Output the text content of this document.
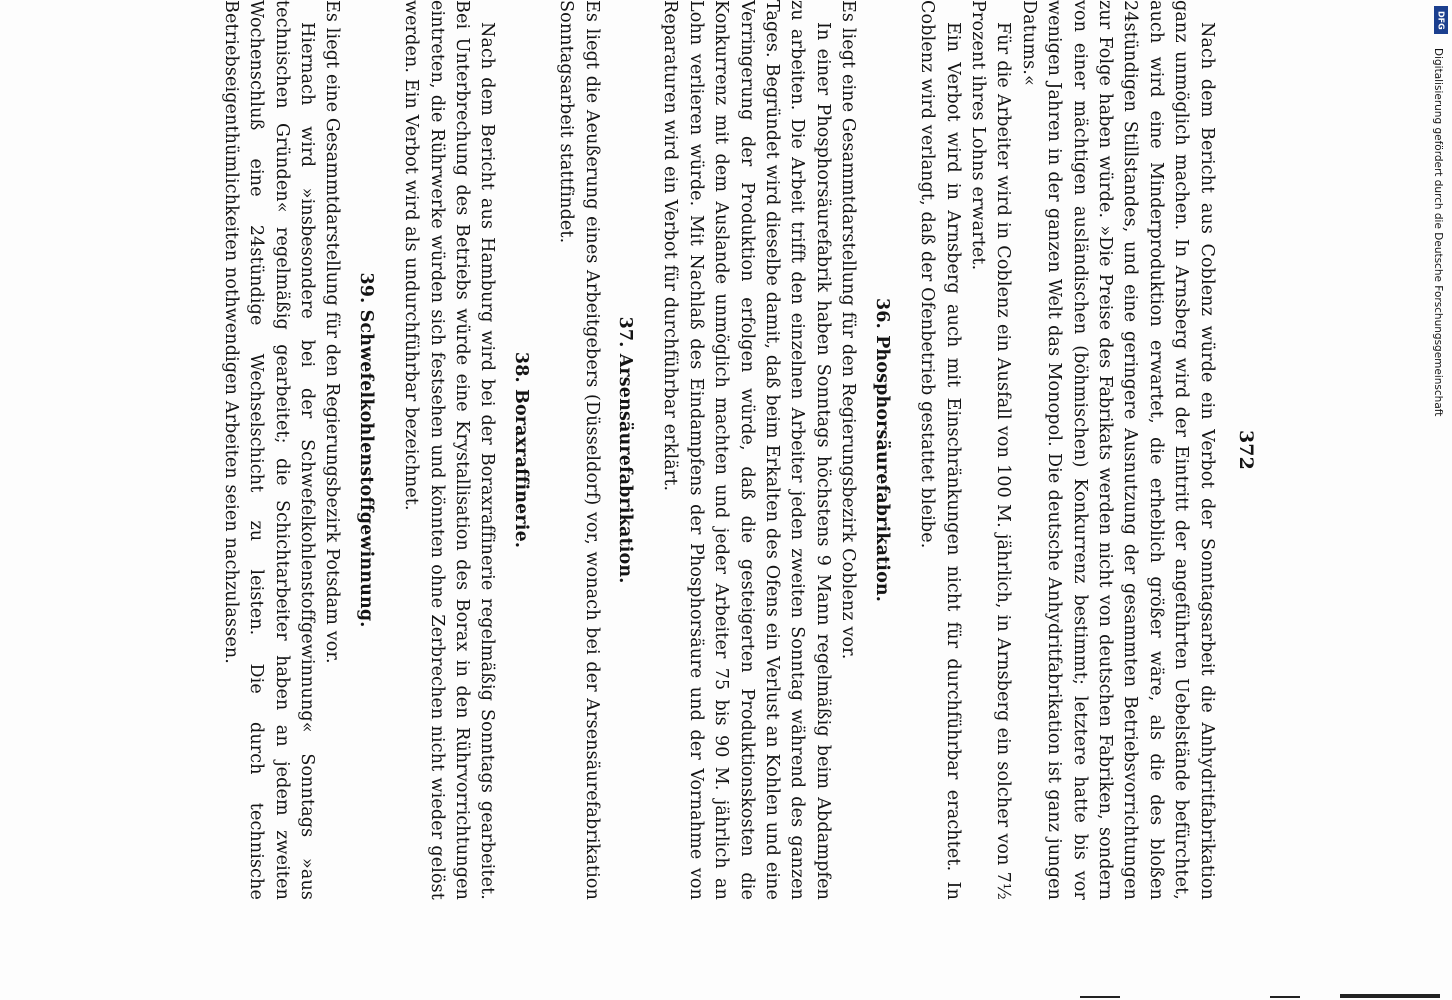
372

Nach dem Bericht aus Coblenz würde ein Verbot der Sonntagsarbeit die Anhydritfabrikation ganz unmöglich machen. In Arnsberg wird der Eintritt der angeführten Uebelstände befürchtet, auch wird eine Minderproduktion erwartet, die erheblich größer wäre, als die des bloßen 24stündigen Stillstandes, und eine geringere Ausnutzung der gesammten Betriebsvorrichtungen zur Folge haben würde. »Die Preise des Fabrikats werden nicht von deutschen Fabriken, sondern von einer mächtigen ausländischen (böhmischen) Konkurrenz bestimmt; letztere hatte bis vor wenigen Jahren in der ganzen Welt das Monopol. Die deutsche Anhydritfabrikation ist ganz jungen Datums.«

Für die Arbeiter wird in Coblenz ein Ausfall von 100 M. jährlich, in Arnsberg ein solcher von 7½ Prozent ihres Lohns erwartet.

Ein Verbot wird in Arnsberg auch mit Einschränkungen nicht für durchführbar erachtet. In Coblenz wird verlangt, daß der Ofenbetrieb gestattet bleibe.

36. Phosphorsäurefabrikation.

Es liegt eine Gesammtdarstellung für den Regierungsbezirk Coblenz vor.

In einer Phosphorsäurefabrik haben Sonntags höchstens 9 Mann regelmäßig beim Abdampfen zu arbeiten. Die Arbeit trifft den einzelnen Arbeiter jeden zweiten Sonntag während des ganzen Tages. Begründet wird dieselbe damit, daß beim Erkalten des Ofens ein Verlust an Kohlen und eine Verringerung der Produktion erfolgen würde, daß die gesteigerten Produktionskosten die Konkurrenz mit dem Auslande unmöglich machten und jeder Arbeiter 75 bis 90 M. jährlich an Lohn verlieren würde. Mit Nachlaß des Eindampfens der Phosphorsäure und der Vornahme von Reparaturen wird ein Verbot für durchführbar erklärt.

37. Arsensäurefabrikation.

Es liegt die Aeußerung eines Arbeitgebers (Düsseldorf) vor, wonach bei der Arsensäurefabrikation Sonntagsarbeit stattfindet.

38. Boraxraffinerie.

Nach dem Bericht aus Hamburg wird bei der Boraxraffinerie regelmäßig Sonntags gearbeitet. Bei Unterbrechung des Betriebs würde eine Krystallisation des Borax in den Rührvorrichtungen eintreten, die Rührwerke würden sich festsehen und könnten ohne Zerbrechen nicht wieder gelöst werden. Ein Verbot wird als undurchführbar bezeichnet.

39. Schwefelkohlenstoffgewinnung.

Es liegt eine Gesammtdarstellung für den Regierungsbezirk Potsdam vor.

Hiernach wird »insbesondere bei der Schwefelkohlenstoffgewinnung« Sonntags »aus technischen Gründen« regelmäßig gearbeitet; die Schichtarbeiter haben an jedem zweiten Wochenschluß eine 24stündige Wechselschicht zu leisten. Die durch technische Betriebseigenthümlichkeiten nothwendigen Arbeiten seien nachzulassen.	DFG
Digitalisierung gefördert durch die Deutsche Forschungsgemeinschaft
